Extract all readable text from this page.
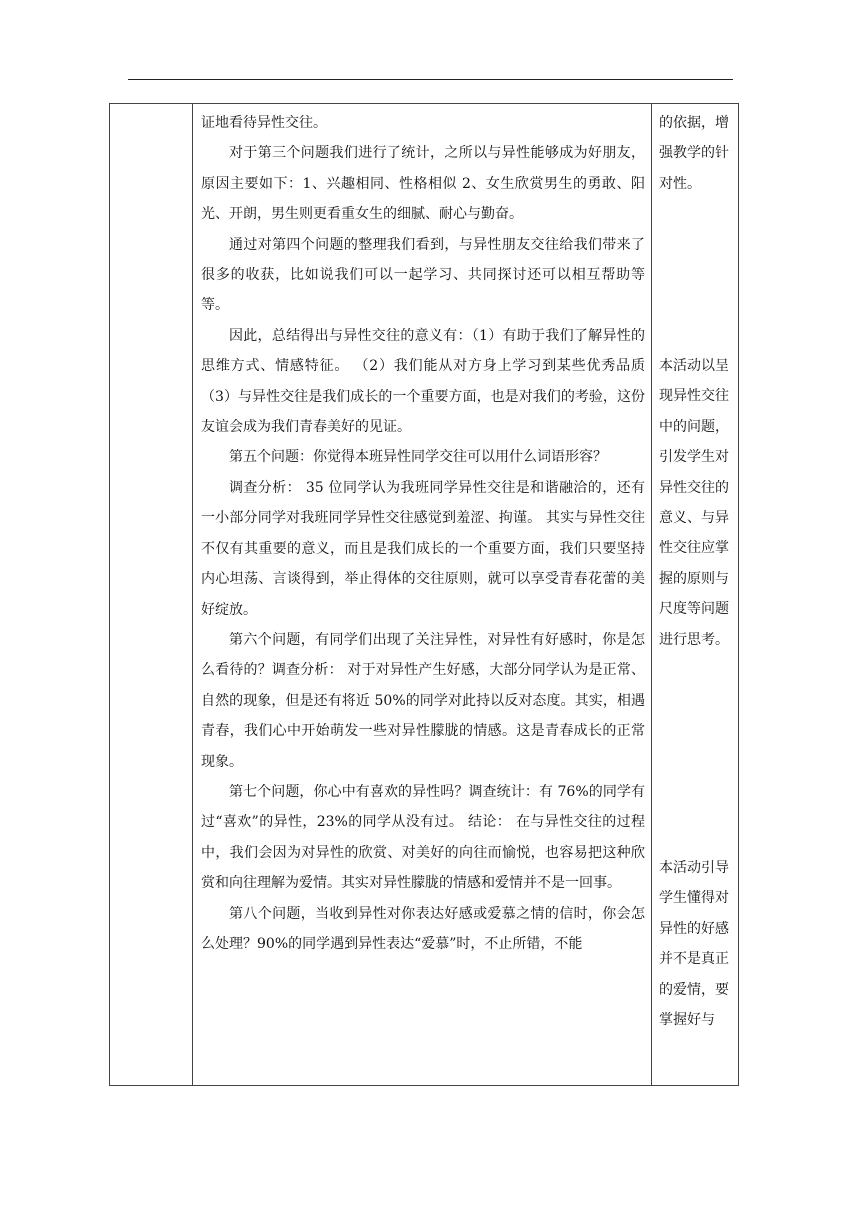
证地看待异性交往。

对于第三个问题我们进行了统计，之所以与异性能够成为好朋友，原因主要如下：1、兴趣相同、性格相似 2、女生欣赏男生的勇敢、阳光、开朗，男生则更看重女生的细腻、耐心与勤奋。

通过对第四个问题的整理我们看到，与异性朋友交往给我们带来了很多的收获，比如说我们可以一起学习、共同探讨还可以相互帮助等等。

因此，总结得出与异性交往的意义有：（1）有助于我们了解异性的思维方式、情感特征。 （2）我们能从对方身上学习到某些优秀品质 （3）与异性交往是我们成长的一个重要方面，也是对我们的考验，这份友谊会成为我们青春美好的见证。

第五个问题：你觉得本班异性同学交往可以用什么词语形容？

调查分析： 35 位同学认为我班同学异性交往是和谐融洽的，还有一小部分同学对我班同学异性交往感觉到羞涩、拘谨。 其实与异性交往不仅有其重要的意义，而且是我们成长的一个重要方面，我们只要坚持内心坦荡、言谈得到，举止得体的交往原则，就可以享受青春花蕾的美好绽放。

第六个问题，有同学们出现了关注异性，对异性有好感时，你是怎么看待的？调查分析： 对于对异性产生好感，大部分同学认为是正常、自然的现象，但是还有将近 50%的同学对此持以反对态度。其实，相遇青春，我们心中开始萌发一些对异性朦胧的情感。这是青春成长的正常现象。

第七个问题，你心中有喜欢的异性吗？调查统计：有 76%的同学有过“喜欢”的异性，23%的同学从没有过。 结论： 在与异性交往的过程中，我们会因为对异性的欣赏、对美好的向往而愉悦，也容易把这种欣赏和向往理解为爱情。其实对异性朦胧的情感和爱情并不是一回事。

第八个问题，当收到异性对你表达好感或爱慕之情的信时，你会怎么处理？90%的同学遇到异性表达“爱慕”时，不止所错，不能

的依据，增强教学的针对性。
本活动以呈现异性交往中的问题，引发学生对异性交往的意义、与异性交往应掌握的原则与尺度等问题进行思考。
本活动引导学生懂得对异性的好感并不是真正的爱情，要掌握好与
